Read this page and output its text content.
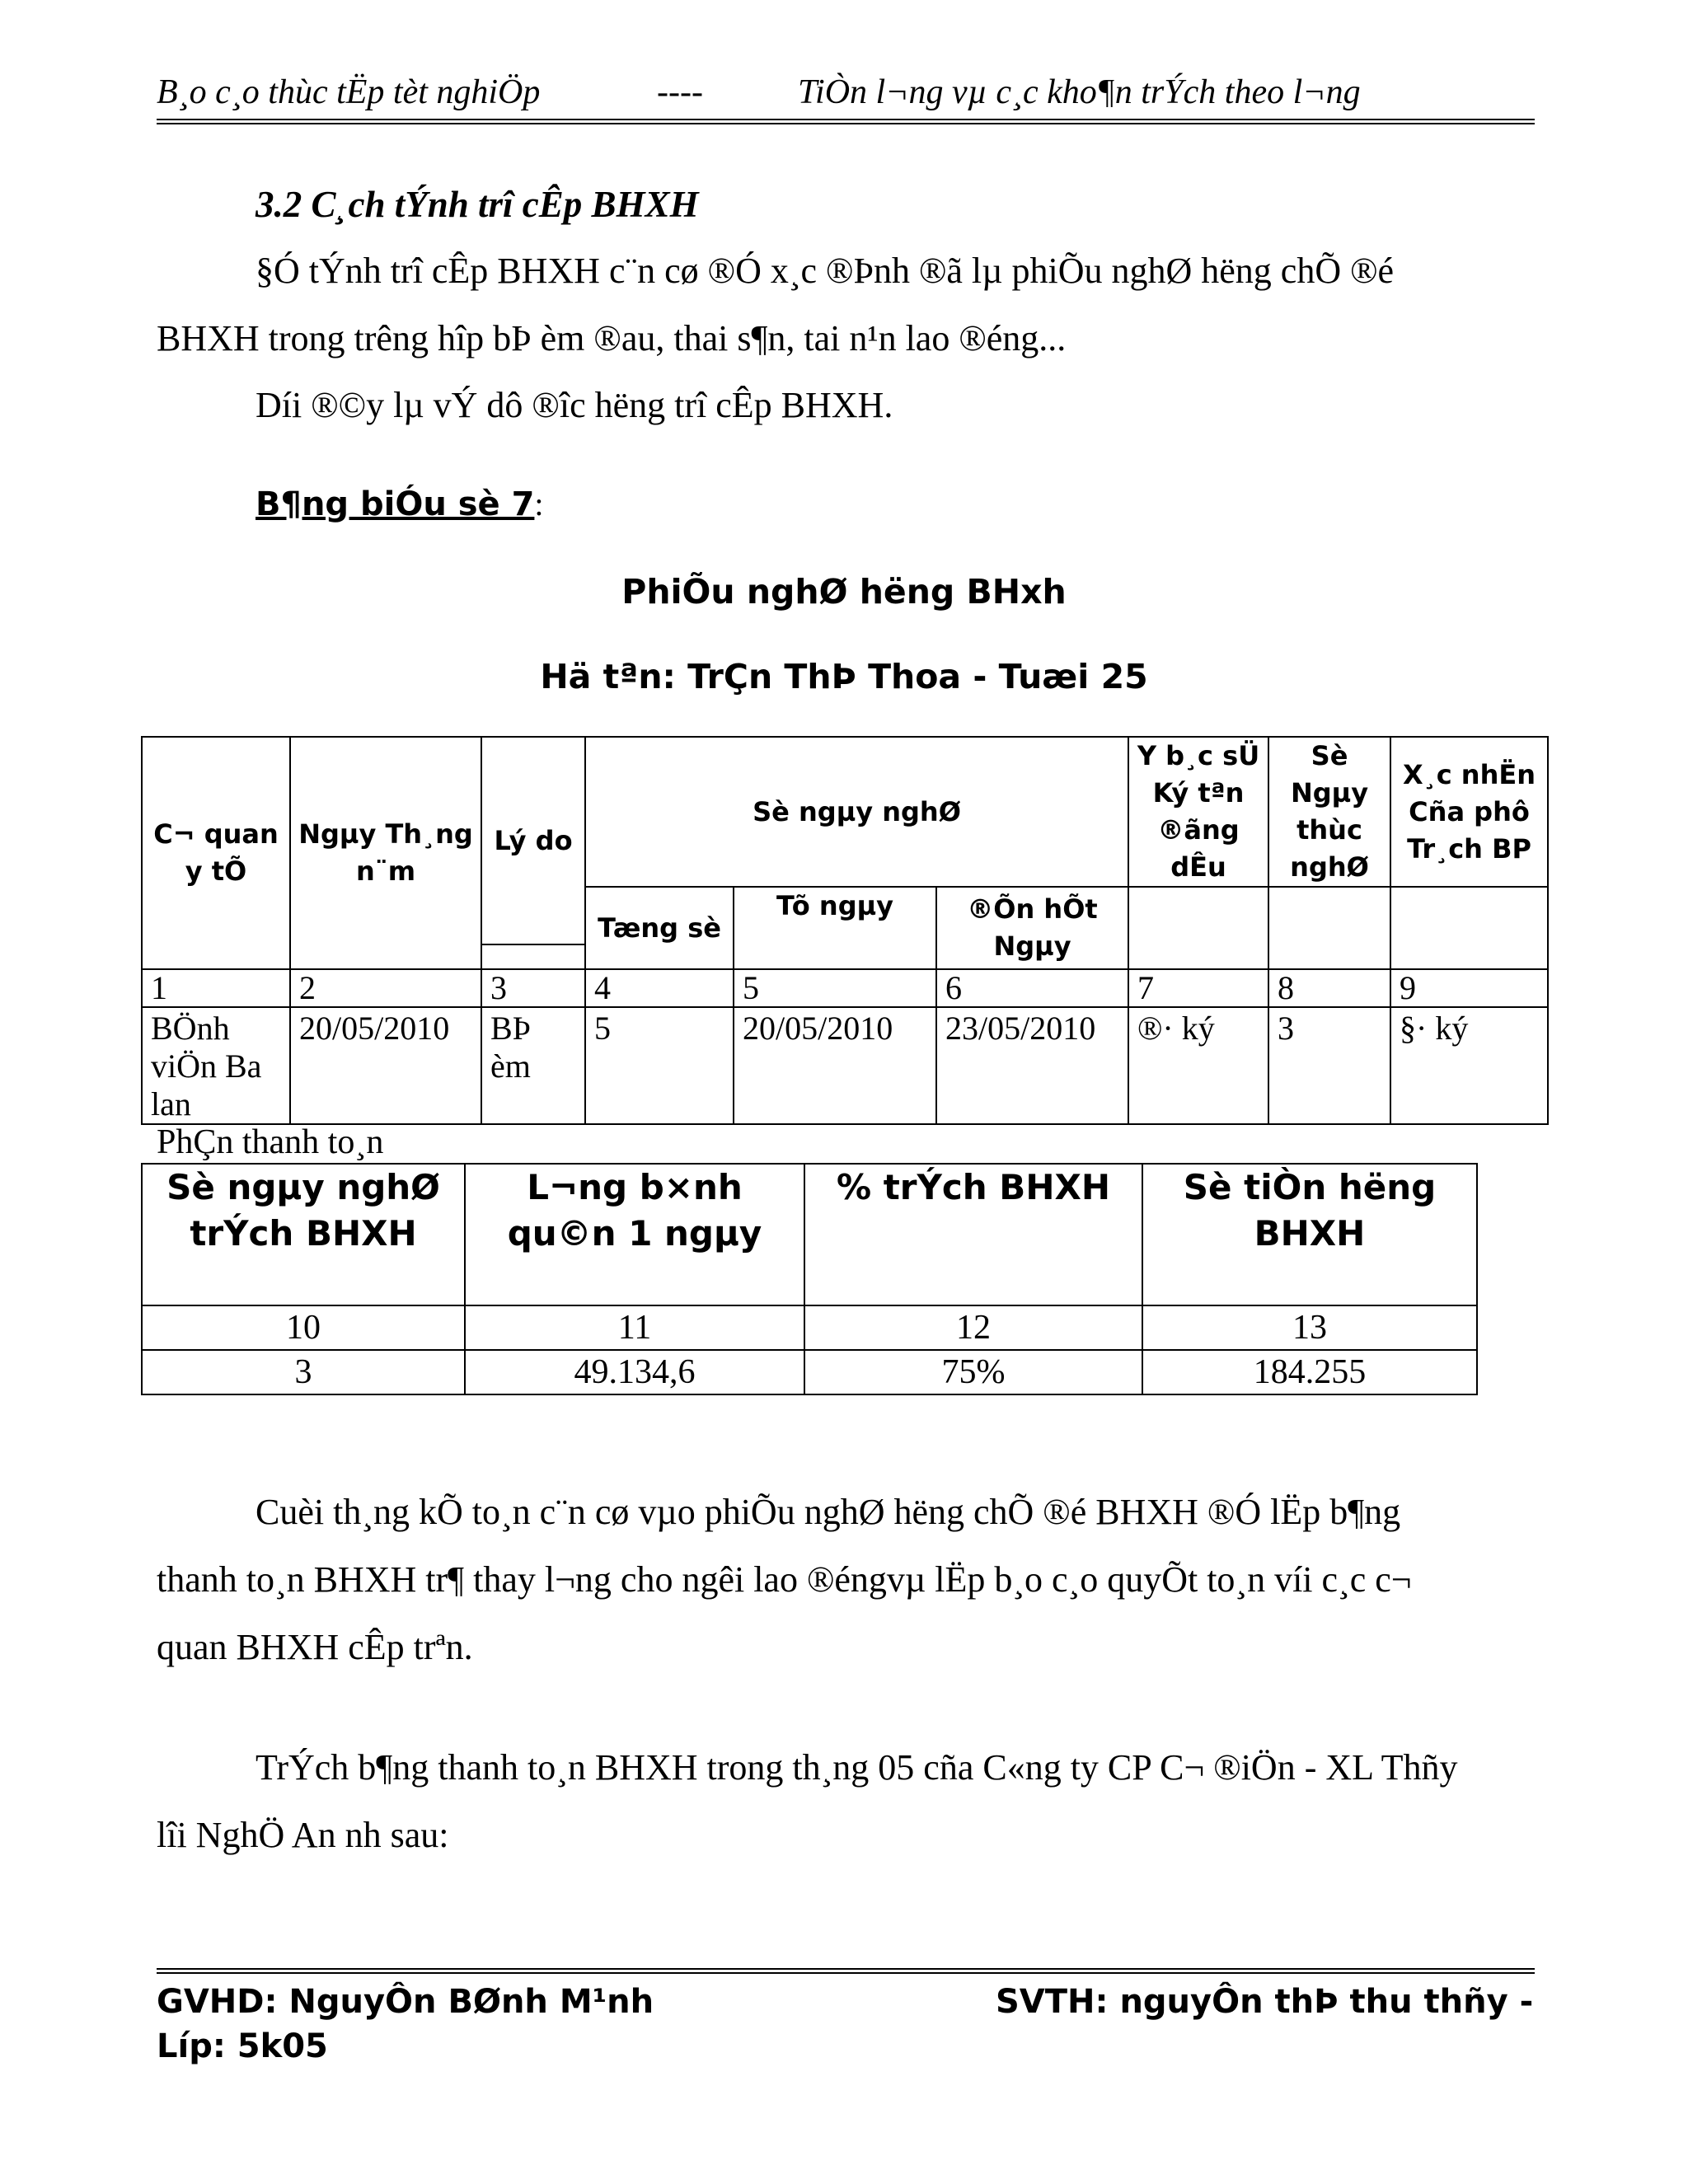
B¸o c¸o thùc tËp tèt nghiÖp	----	TiÒn l¬ng vµ c¸c kho¶n trÝch theo l¬ng
3.2 C¸ch tÝnh trî cÊp BHXH
§Ó tÝnh trî cÊp BHXH c¨n cø ®Ó x¸c ®Þnh ®ã lµ phiÕu nghØ hëng chÕ ®é
BHXH trong trêng hîp bÞ èm ®au, thai s¶n, tai n¹n lao ®éng...
Díi ®©y lµ vÝ dô ®îc hëng trî cÊp BHXH.
B¶ng biÓu sè 7:
PhiÕu nghØ hëng BHxh
Hä tªn: TrÇn ThÞ Thoa - Tuæi 25
C¬ quan y tÕ	Ngµy Th¸ng n¨m	Lý do	Sè ngµy nghØ			Y b¸c sÜ Ký tªn ®ãng dÊu	Sè Ngµy thùc nghØ	X¸c nhËn Cña phô Tr¸ch BP
			Tæng sè	Tõ ngµy	®Õn hÕt Ngµy			

1	2	3	4	5	6	7	8	9
BÖnh viÖn Ba lan	20/05/2010	BÞ èm	5	20/05/2010	23/05/2010	®· ký	3	§· ký
PhÇn thanh to¸n
Sè ngµy nghØ trÝch BHXH	L¬ng b×nh qu©n 1 ngµy	% trÝch BHXH	Sè tiÒn hëng BHXH
10	11	12	13
3	49.134,6	75%	184.255
Cuèi th¸ng kÕ to¸n c¨n cø vµo phiÕu nghØ hëng chÕ ®é BHXH ®Ó lËp b¶ng
thanh to¸n BHXH tr¶ thay l¬ng cho ngêi lao ®éngvµ lËp b¸o c¸o quyÕt to¸n víi c¸c c¬
quan BHXH cÊp trªn.
TrÝch b¶ng thanh to¸n BHXH trong th¸ng 05 cña C«ng ty CP C¬ ®iÖn - XL Thñy
lîi NghÖ An nh sau:
GVHD: NguyÔn BØnh M¹nh	SVTH: nguyÔn thÞ thu thñy -
Líp: 5k05
